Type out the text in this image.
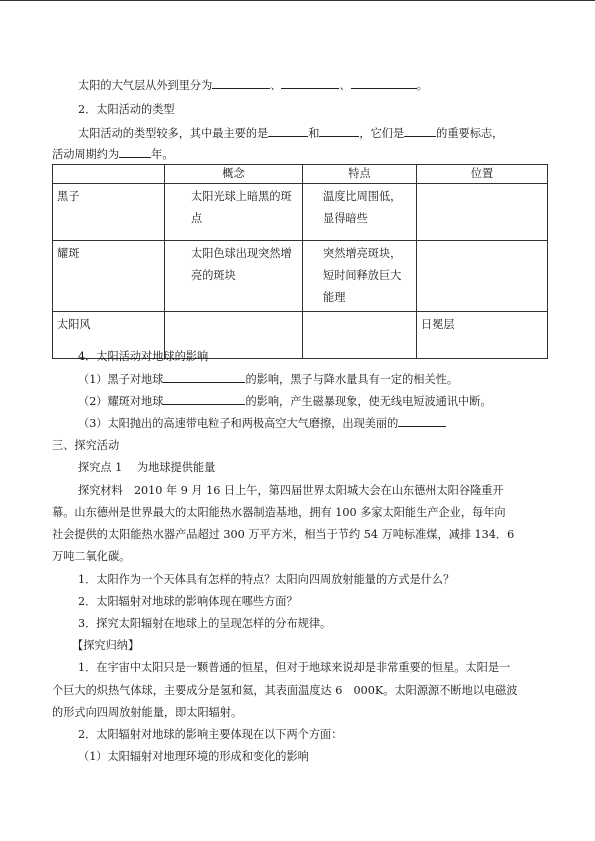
太阳的大气层从外到里分为	、	、	。
2．太阳活动的类型
太阳活动的类型较多，其中最主要的是	和	，它们是	的重要标志，
活动周期约为	年。
	概念	特点	位置

黑子	太阳光球上暗黑的斑点	温度比周围低，显得暗些	

耀斑	太阳色球出现突然增亮的斑块	突然增亮斑块，短时间释放巨大能理	

太阳风			日冕层
4．太阳活动对地球的影响
（1）黑子对地球	的影响，黑子与降水量具有一定的相关性。
（2）耀斑对地球	的影响，产生磁暴现象，使无线电短波通讯中断。
（3）太阳抛出的高速带电粒子和两极高空大气磨擦，出现美丽的
三、探究活动
探究点 1　 为地球提供能量
探究材料　2010 年 9 月 16 日上午，第四届世界太阳城大会在山东德州太阳谷隆重开
幕。山东德州是世界最大的太阳能热水器制造基地，拥有 100 多家太阳能生产企业，每年向
社会提供的太阳能热水器产品超过 300 万平方米，相当于节约 54 万吨标准煤，减排 134．6
万吨二氧化碳。
1．太阳作为一个天体具有怎样的特点？太阳向四周放射能量的方式是什么？
2．太阳辐射对地球的影响体现在哪些方面？
3．探究太阳辐射在地球上的呈现怎样的分布规律。
【探究归纳】
1．在宇宙中太阳只是一颗普通的恒星，但对于地球来说却是非常重要的恒星。太阳是一
个巨大的炽热气体球，主要成分是氢和氦，其表面温度达 6　000K。太阳源源不断地以电磁波
的形式向四周放射能量，即太阳辐射。
2．太阳辐射对地球的影响主要体现在以下两个方面：
（1）太阳辐射对地理环境的形成和变化的影响
